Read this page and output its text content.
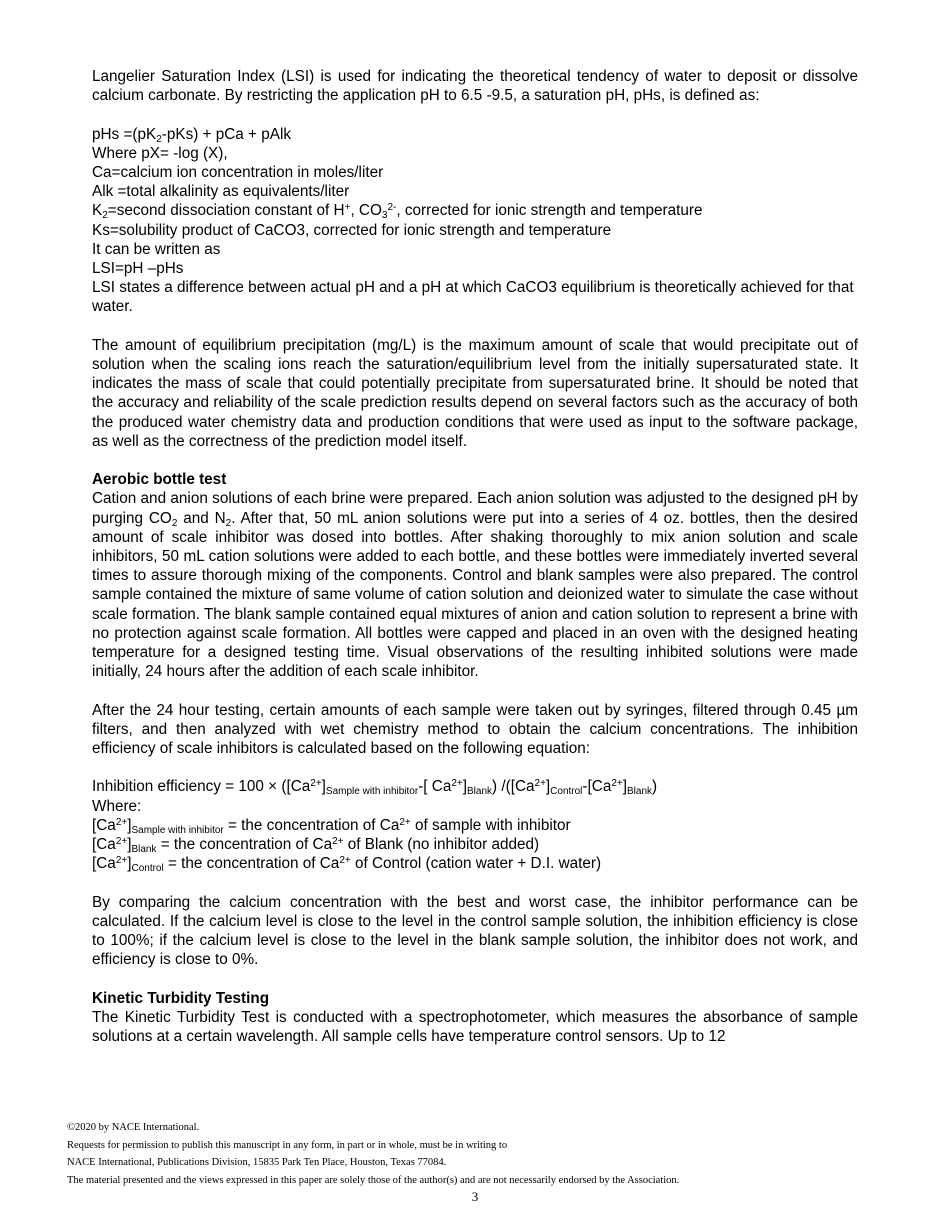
Langelier Saturation Index (LSI) is used for indicating the theoretical tendency of water to deposit or dissolve calcium carbonate. By restricting the application pH to 6.5 -9.5, a saturation pH, pHs, is defined as:

pHs $=(pK_2-pKs)$ + pCa + pAlk

Where pX= -log (X),

Ca=calcium ion concentration in moles/liter

Alk =total alkalinity as equivalents/liter

$K_2=second$ dissociation constant of H+, $CO_3^{2-}$, corrected for ionic strength and temperature

Ks=solubility product of CaCO3, corrected for ionic strength and temperature

It can be written as

LSI=pH –pHs

LSI states a difference between actual pH and a pH at which CaCO3 equilibrium is theoretically achieved for that water.

The amount of equilibrium precipitation (mg/L) is the maximum amount of scale that would precipitate out of solution when the scaling ions reach the saturation/equilibrium level from the initially supersaturated state. It indicates the mass of scale that could potentially precipitate from supersaturated brine. It should be noted that the accuracy and reliability of the scale prediction results depend on several factors such as the accuracy of both the produced water chemistry data and production conditions that were used as input to the software package, as well as the correctness of the prediction model itself.

Aerobic bottle test

Cation and anion solutions of each brine were prepared. Each anion solution was adjusted to the designed pH by purging $CO_2$ and $N_2$. After that, 50 mL anion solutions were put into a series of 4 oz. bottles, then the desired amount of scale inhibitor was dosed into bottles. After shaking thoroughly to mix anion solution and scale inhibitors, 50 mL cation solutions were added to each bottle, and these bottles were immediately inverted several times to assure thorough mixing of the components. Control and blank samples were also prepared. The control sample contained the mixture of same volume of cation solution and deionized water to simulate the case without scale formation. The blank sample contained equal mixtures of anion and cation solution to represent a brine with no protection against scale formation. All bottles were capped and placed in an oven with the designed heating temperature for a designed testing time. Visual observations of the resulting inhibited solutions were made initially, 24 hours after the addition of each scale inhibitor.

After the 24 hour testing, certain amounts of each sample were taken out by syringes, filtered through 0.45 µm filters, and then analyzed with wet chemistry method to obtain the calcium concentrations. The inhibition efficiency of scale inhibitors is calculated based on the following equation:

Inhibition efficiency = $100 \times ([Ca^{2+}]_{Sample with inhibitor}-$[ $Ca^{2+}]_{Blank}$) $/([Ca^{2+}]_{Control}-[Ca^{2+}]_{Blank})$

Where:

$[Ca^{2+}]_{Sample with inhibitor}$ = the concentration of $Ca^{2+}$ of sample with inhibitor

$[Ca^{2+}]_{Blank}$ = the concentration of $Ca^{2+}$ of Blank (no inhibitor added)

$[Ca^{2+}]_{Control}$ = the concentration of $Ca^{2+}$ of Control (cation water + D.I. water)

By comparing the calcium concentration with the best and worst case, the inhibitor performance can be calculated. If the calcium level is close to the level in the control sample solution, the inhibition efficiency is close to 100%; if the calcium level is close to the level in the blank sample solution, the inhibitor does not work, and efficiency is close to 0%.

Kinetic Turbidity Testing

The Kinetic Turbidity Test is conducted with a spectrophotometer, which measures the absorbance of sample solutions at a certain wavelength. All sample cells have temperature control sensors. Up to 12

©2020 by NACE International.

Requests for permission to publish this manuscript in any form, in part or in whole, must be in writing to

NACE International, Publications Division, 15835 Park Ten Place, Houston, Texas 77084.

The material presented and the views expressed in this paper are solely those of the author(s) and are not necessarily endorsed by the Association.

3
